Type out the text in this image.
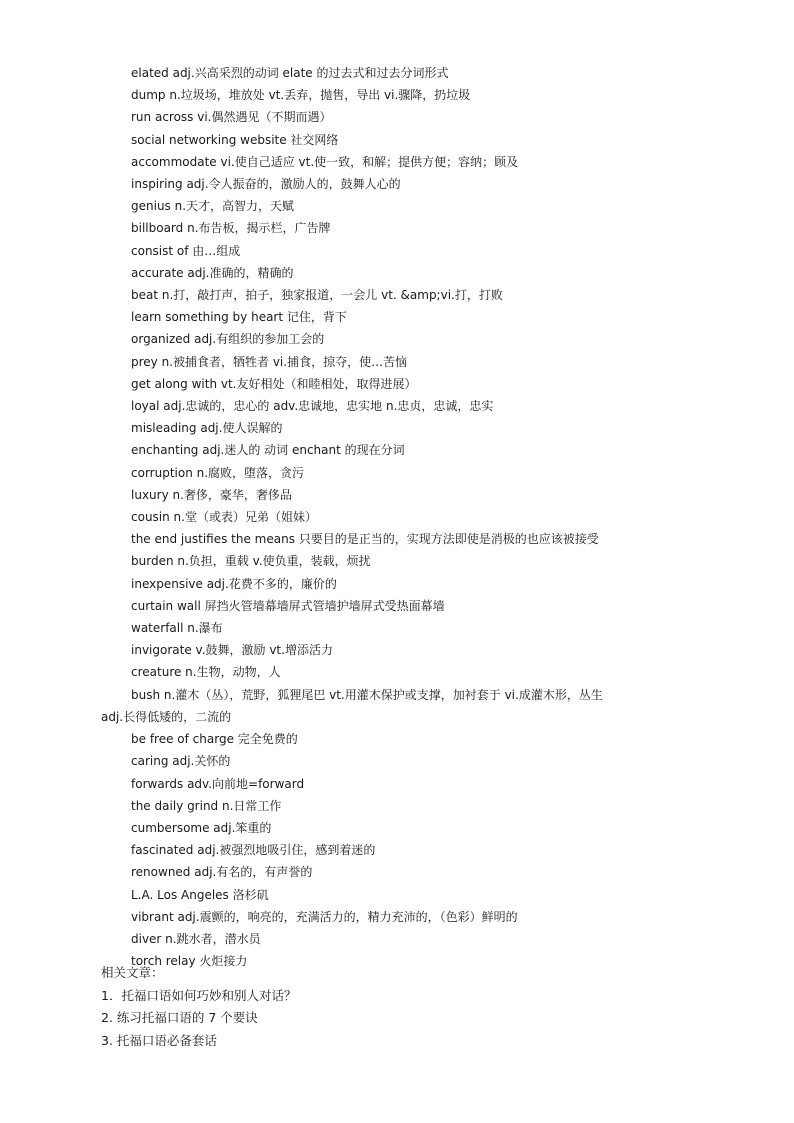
elated adj.兴高采烈的动词 elate 的过去式和过去分词形式
dump n.垃圾场，堆放处 vt.丢弃，抛售，导出 vi.骤降，扔垃圾
run across vi.偶然遇见（不期而遇）
social networking website 社交网络
accommodate vi.使自己适应 vt.使一致，和解；提供方便；容纳；顾及
inspiring adj.令人振奋的，激励人的，鼓舞人心的
genius n.天才，高智力，天赋
billboard n.布告板，揭示栏，广告牌
consist of 由…组成
accurate adj.准确的，精确的
beat n.打，敲打声，拍子，独家报道，一会儿 vt. &amp;vi.打，打败
learn something by heart 记住，背下
organized adj.有组织的参加工会的
prey n.被捕食者，牺牲者 vi.捕食，掠夺，使…苦恼
get along with vt.友好相处（和睦相处，取得进展）
loyal adj.忠诚的，忠心的 adv.忠诚地，忠实地 n.忠贞，忠诚，忠实
misleading adj.使人误解的
enchanting adj.迷人的 动词 enchant 的现在分词
corruption n.腐败，堕落，贪污
luxury n.奢侈，豪华，奢侈品
cousin n.堂（或表）兄弟（姐妹）
the end justifies the means 只要目的是正当的，实现方法即使是消极的也应该被接受
burden n.负担，重载 v.使负重，装载，烦扰
inexpensive adj.花费不多的，廉价的
curtain wall 屏挡火管墙幕墙屏式管墙护墙屏式受热面幕墙
waterfall n.瀑布
invigorate v.鼓舞，激励 vt.增添活力
creature n.生物，动物，人
bush n.灌木（丛），荒野，狐狸尾巴 vt.用灌木保护或支撑，加衬套于 vi.成灌木形，丛生
adj.长得低矮的，二流的
be free of charge 完全免费的
caring adj.关怀的
forwards adv.向前地=forward
the daily grind n.日常工作
cumbersome adj.笨重的
fascinated adj.被强烈地吸引住，感到着迷的
renowned adj.有名的，有声誉的
L.A. Los Angeles 洛杉矶
vibrant adj.震颤的，响亮的，充满活力的，精力充沛的，（色彩）鲜明的
diver n.跳水者，潜水员
torch relay 火炬接力
相关文章：
1．托福口语如何巧妙和别人对话？
2. 练习托福口语的 7 个要诀
3. 托福口语必备套话
